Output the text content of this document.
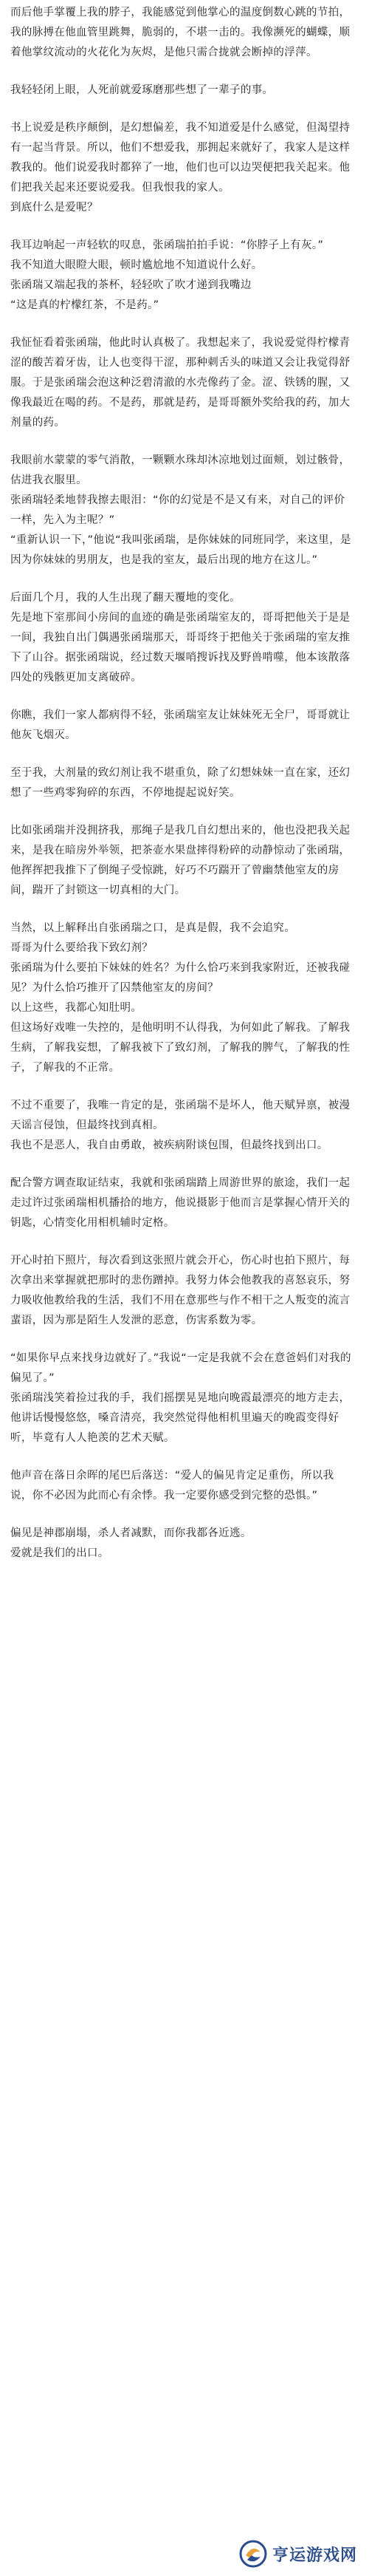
而后他手掌覆上我的脖子，我能感觉到他掌心的温度倒数心跳的节拍，我的脉搏在他血管里跳舞，脆弱的，不堪一击的。我像濒死的蝴蝶，顺着他掌纹流动的火花化为灰烬，是他只需合拢就会断掉的浮萍。

我轻轻闭上眼，人死前就爱琢磨那些想了一辈子的事。

书上说爱是秩序颠倒，是幻想偏差，我不知道爱是什么感觉，但渴望持有一起当背景。所以，他们不想爱我，那拥起来就好了，我家人是这样教我的。他们说爱我时都猝了一地，他们也可以边哭便把我关起来。他们把我关起来还要说爱我。但我恨我的家人。
到底什么是爱呢？

我耳边响起一声轻软的叹息，张函瑞拍拍手说：“你脖子上有灰。”
我不知道大眼瞪大眼，顿时尴尬地不知道说什么好。
张函瑞又端起我的茶杯，轻轻吹了吹才递到我嘴边
“这是真的柠檬红茶，不是药。”

我怔怔看着张函瑞，他此时认真极了。我想起来了，我说爱觉得柠檬青涩的酸苦着牙齿，让人也变得干涩，那种刺舌头的味道又会让我觉得舒服。于是张函瑞会泡这种泛碧清澈的水壳像药了金。涩、铁锈的腥，又像我最近在喝的药。不是药，那就是药，是哥哥额外奖给我的药，加大剂量的药。

我眼前水蒙蒙的零气消散，一颗颗水珠却沐凉地划过面颊，划过骸骨，估进我衣服里。
张函瑞轻柔地替我擦去眼泪：“你的幻觉是不是又有来，对自己的评价一样，先入为主呢？”
“重新认识一下，”他说“我叫张函瑞，是你妹妹的同班同学，来这里，是因为你妹妹的男朋友，也是我的室友，最后出现的地方在这儿。”

后面几个月，我的人生出现了翻天覆地的变化。
先是地下室那间小房间的血迹的确是张函瑞室友的，哥哥把他关于是是一间，我独自出门偶遇张函瑞那天，哥哥终于把他关于张函瑞的室友推下了山谷。据张函瑞说，经过数天堰哨搜诉找及野兽啃噬，他本该散落四处的残骸更加支离破碎。

你瞧，我们一家人都病得不轻，张函瑞室友让妹妹死无全尸，哥哥就让他灰飞烟灭。

至于我，大剂量的致幻剂让我不堪重负，除了幻想妹妹一直在家，还幻想了一些鸡零狗碎的东西，不停地提起说好笑。

比如张函瑞并没拥挤我，那绳子是我几自幻想出来的，他也没把我关起来，是我在暗房外举领，把茶壶水果盘摔得粉碎的动静惊动了张函瑞，他挥挥把我推下了倒绳子受惊跳，好巧不巧踹开了曾幽禁他室友的房间，踹开了封锁这一切真相的大门。

当然，以上解释出自张函瑞之口，是真是假，我不会追究。
哥哥为什么要给我下致幻剂？
张函瑞为什么要拍下妹妹的姓名？为什么恰巧来到我家附近，还被我碰见？为什么恰巧推开了囚禁他室友的房间？
以上这些，我都心知肚明。
但这场好戏唯一失控的，是他明明不认得我，为何如此了解我。了解我生病，了解我妄想，了解我被下了致幻剂，了解我的脾气，了解我的性子，了解我的不正常。

不过不重要了，我唯一肯定的是，张函瑞不是坏人，他天赋异禀，被漫天谣言侵蚀，但最终找到真相。
我也不是恶人，我自由勇敢，被疾病附谈包围，但最终找到出口。

配合警方调查取证结束，我就和张函瑞踏上周游世界的旅途，我们一起走过许过张函瑞相机播拾的地方，他说摄影于他而言是掌握心情开关的钥匙，心情变化用相机辅时定格。

开心时拍下照片，每次看到这张照片就会开心，伤心时也拍下照片，每次拿出来掌握就把那时的悲伤蹭掉。我努力体会他教我的喜怒哀乐，努力吸收他教给我的生活，我们不用在意那些与作不相干之人叛变的流言蜚语，因为那是陌生人发泄的恶意，伤害系数为零。

“如果你早点来找身边就好了。”我说“一定是我就不会在意爸妈们对我的偏见了。”
张函瑞浅笑着捡过我的手，我们摇摆晃晃地向晚霞最漂亮的地方走去，他讲话慢慢悠悠，嗓音清亮，我突然觉得他相机里遍天的晚霞变得好听，毕竟有人人艳羡的艺术天赋。

他声音在落日余晖的尾巴后落送：“爱人的偏见肯定足重伤，所以我说，你不必因为此而心有余悸。我一定要你感受到完整的恐惧。”

偏见是神郡崩塌，杀人者减默，而你我都各近逃。
爱就是我们的出口。

亨运游戏网
